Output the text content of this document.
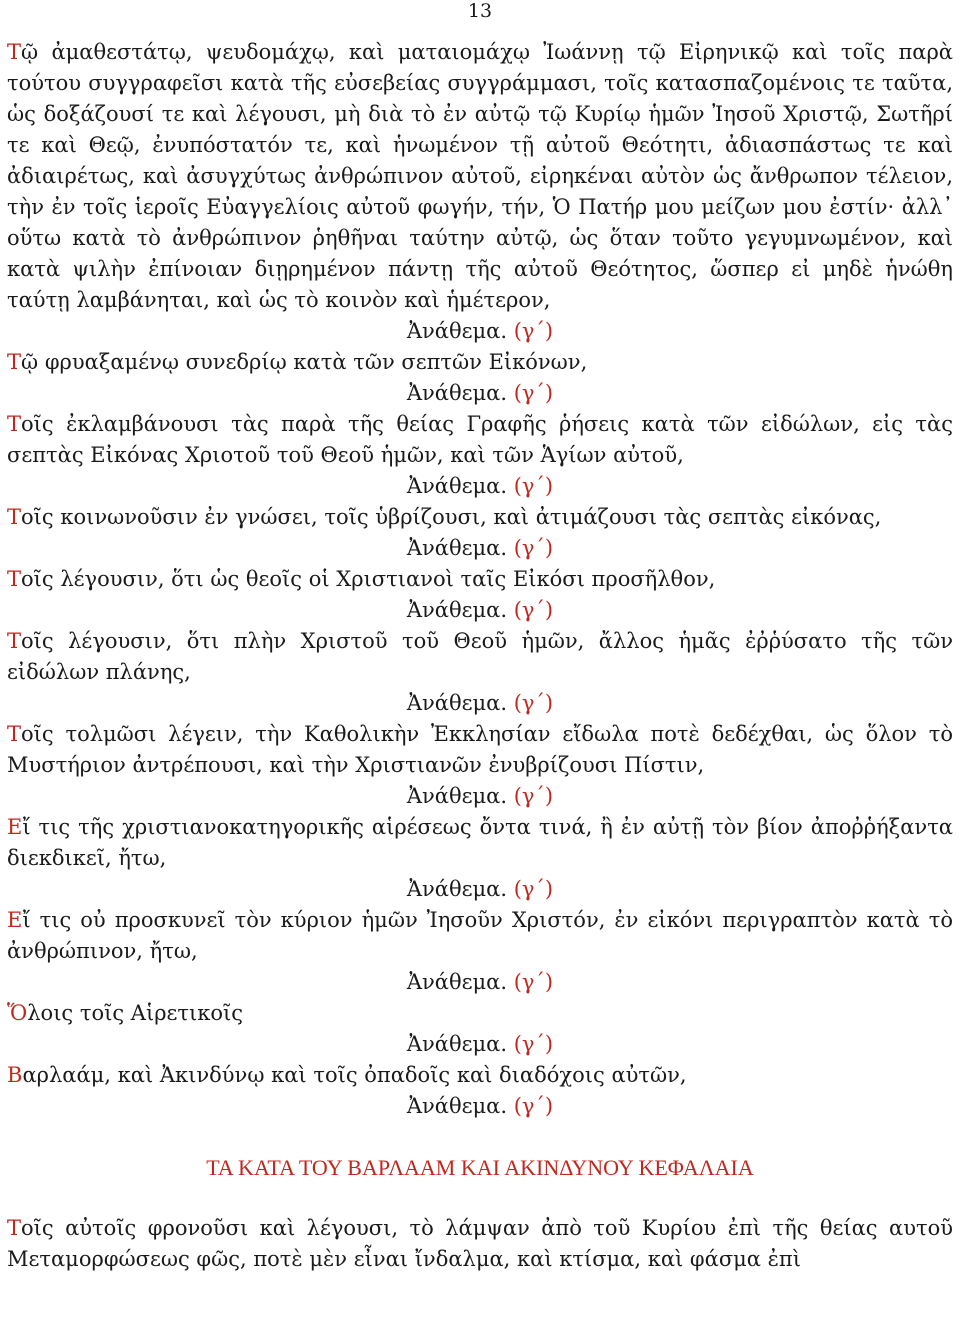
13

Τῷ ἀμαθεστάτῳ, ψευδομάχῳ, καὶ ματαιομάχῳ Ἰωάννῃ τῷ Εἰρηνικῷ καὶ τοῖς παρὰ τούτου συγγραφεῖσι κατὰ τῆς εὐσεβείας συγγράμμασι, τοῖς κατασπαζομένοις τε ταῦτα, ὡς δοξάζουσί τε καὶ λέγουσι, μὴ διὰ τὸ ἐν αὐτῷ τῷ Κυρίῳ ἡμῶν Ἰησοῦ Χριστῷ, Σωτῆρί τε καὶ Θεῷ, ἐνυπόστατόν τε, καὶ ἡνωμένον τῇ αὐτοῦ Θεότητι, ἀδιασπάστως τε καὶ ἀδιαιρέτως, καὶ ἀσυγχύτως ἀνθρώπινον αὐτοῦ, εἰρηκέναι αὐτὸν ὡς ἄνθρωπον τέλειον, τὴν ἐν τοῖς ἱεροῖς Εὐαγγελίοις αὐτοῦ φωγήν, τήν, Ὁ Πατήρ μου μείζων μου ἐστίν· ἀλλ᾽ οὕτω κατὰ τὸ ἀνθρώπινον ῥηθῆναι ταύτην αὐτῷ, ὡς ὅταν τοῦτο γεγυμνωμένον, καὶ κατὰ ψιλὴν ἐπίνοιαν διῃρημένον πάντῃ τῆς αὐτοῦ Θεότητος, ὥσπερ εἰ μηδὲ ἡνώθη ταύτῃ λαμβάνηται, καὶ ὡς τὸ κοινὸν καὶ ἡμέτερον,

Ἀνάθεμα. (γ΄)

Τῷ φρυαξαμένῳ συνεδρίῳ κατὰ τῶν σεπτῶν Εἰκόνων,

Ἀνάθεμα. (γ΄)

Τοῖς ἐκλαμβάνουσι τὰς παρὰ τῆς θείας Γραφῆς ῥήσεις κατὰ τῶν εἰδώλων, εἰς τὰς σεπτὰς Εἰκόνας Χριοτοῦ τοῦ Θεοῦ ἡμῶν, καὶ τῶν Ἁγίων αὐτοῦ,

Ἀνάθεμα. (γ΄)

Τοῖς κοινωνοῦσιν ἐν γνώσει, τοῖς ὑβρίζουσι, καὶ ἀτιμάζουσι τὰς σεπτὰς εἰκόνας,

Ἀνάθεμα. (γ΄)

Τοῖς λέγουσιν, ὅτι ὡς θεοῖς οἱ Χριστιανοὶ ταῖς Εἰκόσι προσῆλθον,

Ἀνάθεμα. (γ΄)

Τοῖς λέγουσιν, ὅτι πλὴν Χριστοῦ τοῦ Θεοῦ ἡμῶν, ἄλλος ἡμᾶς ἐῤῥύσατο τῆς τῶν εἰδώλων πλάνης,

Ἀνάθεμα. (γ΄)

Τοῖς τολμῶσι λέγειν, τὴν Καθολικὴν Ἐκκλησίαν εἴδωλα ποτὲ δεδέχθαι, ὡς ὅλον τὸ Μυστήριον ἀντρέπουσι, καὶ τὴν Χριστιανῶν ἐνυβρίζουσι Πίστιν,

Ἀνάθεμα. (γ΄)

Εἴ τις τῆς χριστιανοκατηγορικῆς αἱρέσεως ὄντα τινά, ἢ ἐν αὐτῇ τὸν βίον ἀποῤῥήξαντα διεκδικεῖ, ἤτω,

Ἀνάθεμα. (γ΄)

Εἴ τις οὐ προσκυνεῖ τὸν κύριον ἡμῶν Ἰησοῦν Χριστόν, ἐν εἰκόνι περιγραπτὸν κατὰ τὸ ἀνθρώπινον, ἤτω,

Ἀνάθεμα. (γ΄)

Ὅλοις τοῖς Αἱρετικοῖς

Ἀνάθεμα. (γ΄)

Βαρλαάμ, καὶ Ἀκινδύνῳ καὶ τοῖς ὀπαδοῖς καὶ διαδόχοις αὐτῶν,

Ἀνάθεμα. (γ΄)

ΤΑ ΚΑΤΑ ΤΟΥ ΒΑΡΛΑΑΜ ΚΑΙ ΑΚΙΝΔΥΝΟΥ ΚΕΦΑΛΑΙΑ

Τοῖς αὐτοῖς φρονοῦσι καὶ λέγουσι, τὸ λάμψαν ἀπὸ τοῦ Κυρίου ἐπὶ τῆς θείας αυτοῦ Μεταμορφώσεως φῶς, ποτὲ μὲν εἶναι ἴνδαλμα, καὶ κτίσμα, καὶ φάσμα ἐπὶ
